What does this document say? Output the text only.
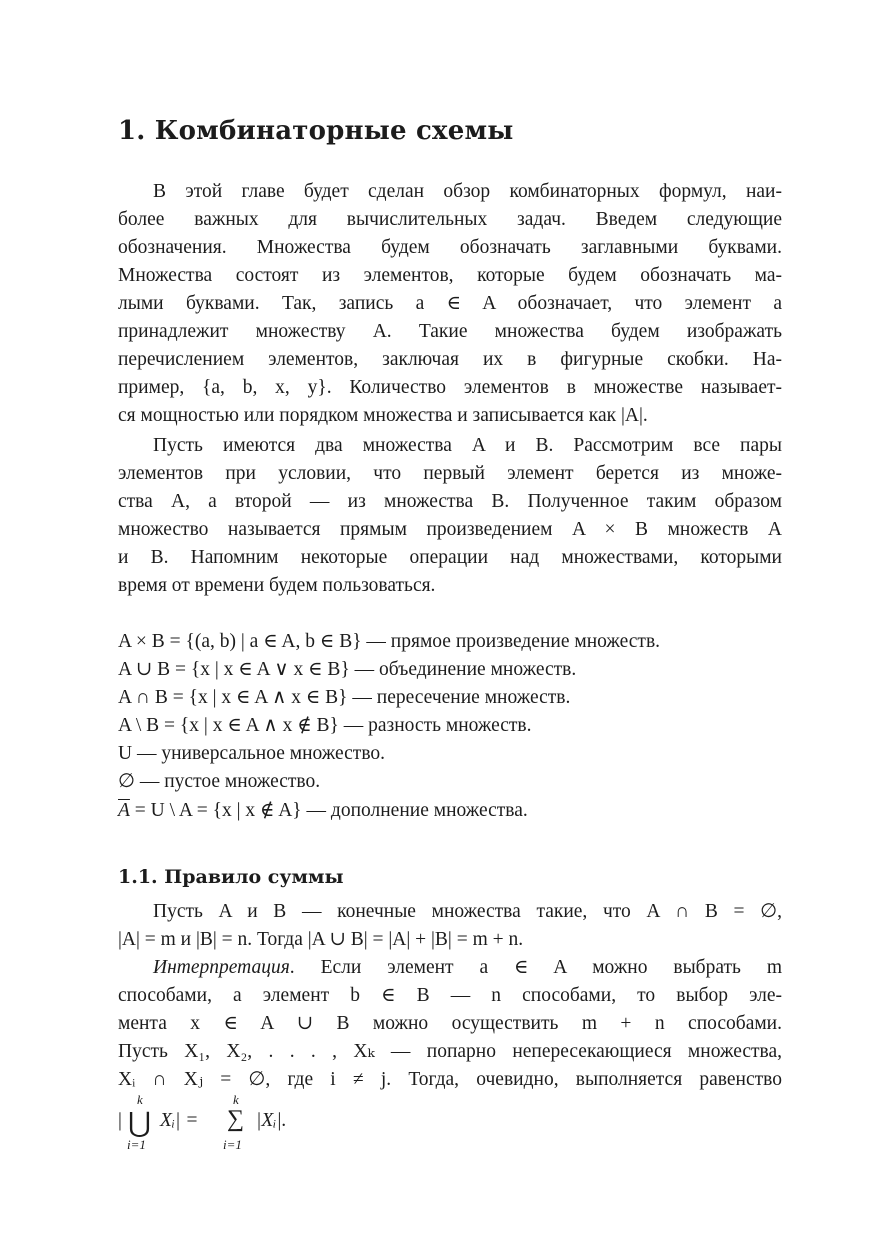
1. Комбинаторные схемы
В этой главе будет сделан обзор комбинаторных формул, наи-
более важных для вычислительных задач. Введем следующие
обозначения. Множества будем обозначать заглавными буквами.
Множества состоят из элементов, которые будем обозначать ма-
лыми буквами. Так, запись a ∈ A обозначает, что элемент a
принадлежит множеству A. Такие множества будем изображать
перечислением элементов, заключая их в фигурные скобки. На-
пример, {a, b, x, y}. Количество элементов в множестве называет-
ся мощностью или порядком множества и записывается как |A|.
Пусть имеются два множества A и B. Рассмотрим все пары
элементов при условии, что первый элемент берется из множе-
ства A, а второй — из множества B. Полученное таким образом
множество называется прямым произведением A × B множеств A
и B. Напомним некоторые операции над множествами, которыми
время от времени будем пользоваться.
A × B = {(a, b) | a ∈ A, b ∈ B} — прямое произведение множеств.
A ∪ B = {x | x ∈ A ∨ x ∈ B} — объединение множеств.
A ∩ B = {x | x ∈ A ∧ x ∈ B} — пересечение множеств.
A \ B = {x | x ∈ A ∧ x ∉ B} — разность множеств.
U — универсальное множество.
∅ — пустое множество.
$\overline{A} = U$ \ A = {x | x ∉ A} — дополнение множества.
1.1. Правило суммы
Пусть A и B — конечные множества такие, что A ∩ B = ∅,
|A| = m и |B| = n. Тогда |A ∪ B| = |A| + |B| = m + n.
Интерпретация. Если элемент a ∈ A можно выбрать m
способами, а элемент b ∈ B — n способами, то выбор эле-
мента x ∈ A ∪ B можно осуществить m + n способами.
Пусть X₁, X₂, . . . , Xₖ — попарно непересекающиеся множества,
Xᵢ ∩ Xⱼ = ∅, где i ≠ j. Тогда, очевидно, выполняется равенство
|
k
⋃
i=1
Xᵢ| =
k
∑
i=1
|Xᵢ|.
